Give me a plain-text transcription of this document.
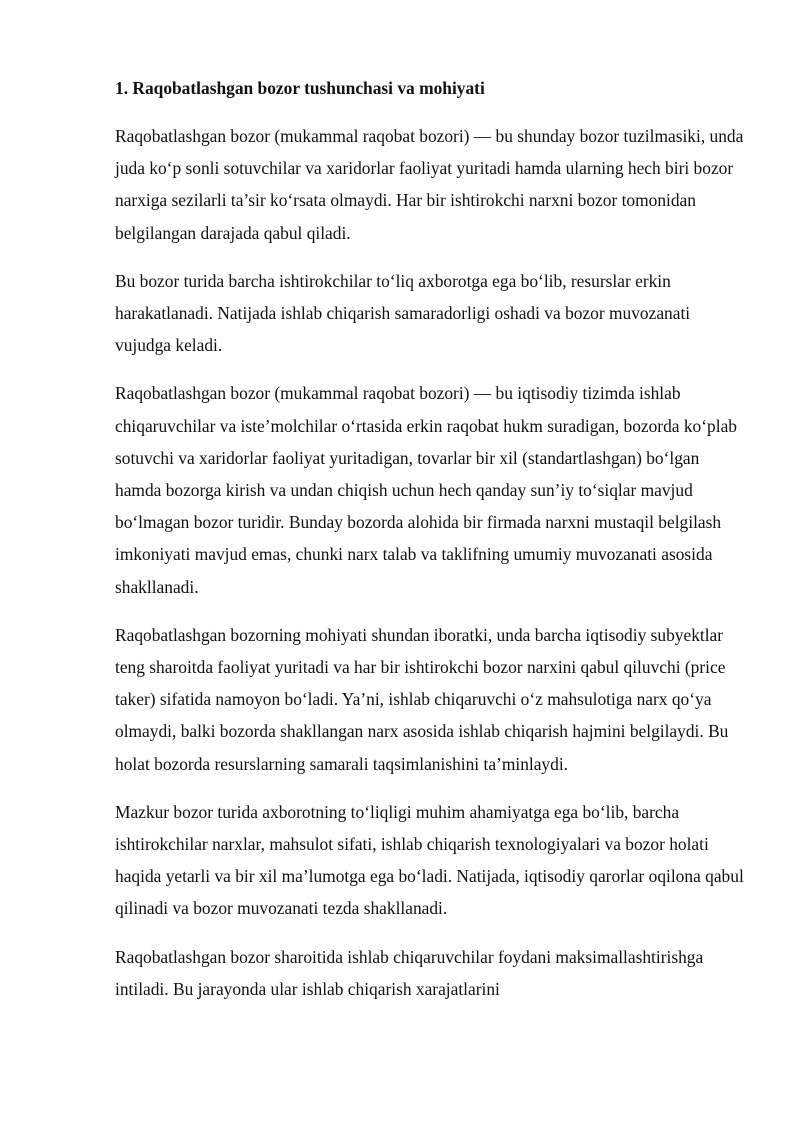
1. Raqobatlashgan bozor tushunchasi va mohiyati

Raqobatlashgan bozor (mukammal raqobat bozori) — bu shunday bozor tuzilmasiki, unda juda ko‘p sonli sotuvchilar va xaridorlar faoliyat yuritadi hamda ularning hech biri bozor narxiga sezilarli ta’sir ko‘rsata olmaydi. Har bir ishtirokchi narxni bozor tomonidan belgilangan darajada qabul qiladi.

Bu bozor turida barcha ishtirokchilar to‘liq axborotga ega bo‘lib, resurslar erkin harakatlanadi. Natijada ishlab chiqarish samaradorligi oshadi va bozor muvozanati vujudga keladi.

Raqobatlashgan bozor (mukammal raqobat bozori) — bu iqtisodiy tizimda ishlab chiqaruvchilar va iste’molchilar o‘rtasida erkin raqobat hukm suradigan, bozorda ko‘plab sotuvchi va xaridorlar faoliyat yuritadigan, tovarlar bir xil (standartlashgan) bo‘lgan hamda bozorga kirish va undan chiqish uchun hech qanday sun’iy to‘siqlar mavjud bo‘lmagan bozor turidir. Bunday bozorda alohida bir firmada narxni mustaqil belgilash imkoniyati mavjud emas, chunki narx talab va taklifning umumiy muvozanati asosida shakllanadi.

Raqobatlashgan bozorning mohiyati shundan iboratki, unda barcha iqtisodiy subyektlar teng sharoitda faoliyat yuritadi va har bir ishtirokchi bozor narxini qabul qiluvchi (price taker) sifatida namoyon bo‘ladi. Ya’ni, ishlab chiqaruvchi o‘z mahsulotiga narx qo‘ya olmaydi, balki bozorda shakllangan narx asosida ishlab chiqarish hajmini belgilaydi. Bu holat bozorda resurslarning samarali taqsimlanishini ta’minlaydi.

Mazkur bozor turida axborotning to‘liqligi muhim ahamiyatga ega bo‘lib, barcha ishtirokchilar narxlar, mahsulot sifati, ishlab chiqarish texnologiyalari va bozor holati haqida yetarli va bir xil ma’lumotga ega bo‘ladi. Natijada, iqtisodiy qarorlar oqilona qabul qilinadi va bozor muvozanati tezda shakllanadi.

Raqobatlashgan bozor sharoitida ishlab chiqaruvchilar foydani maksimallashtirishga intiladi. Bu jarayonda ular ishlab chiqarish xarajatlarini
